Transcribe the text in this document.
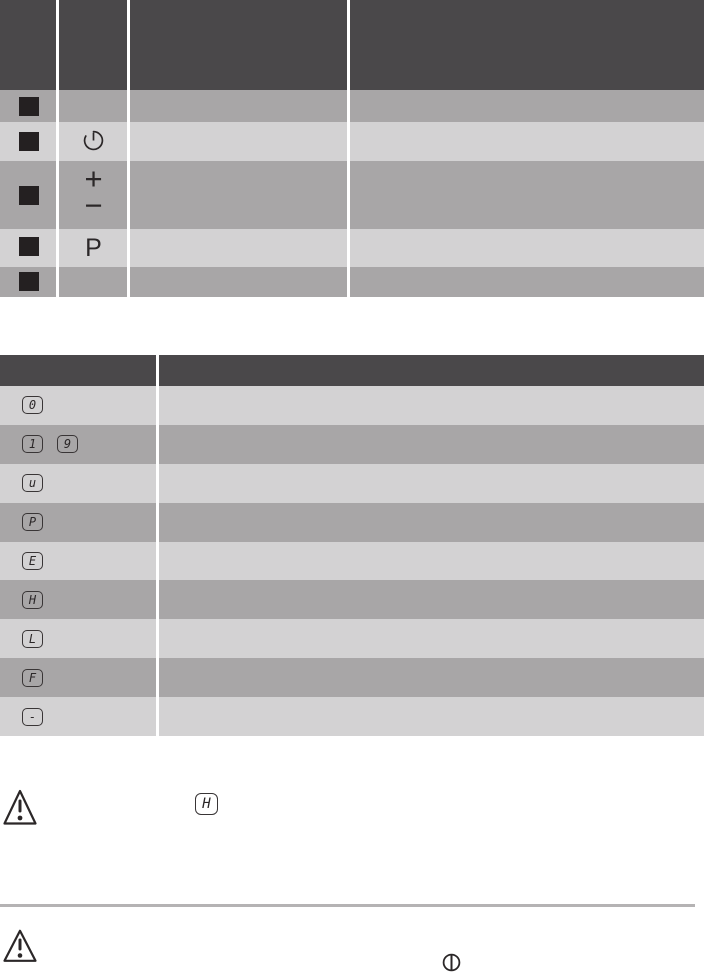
+
−
P
0
1	9
u
P
E
H
L
F
-
H
